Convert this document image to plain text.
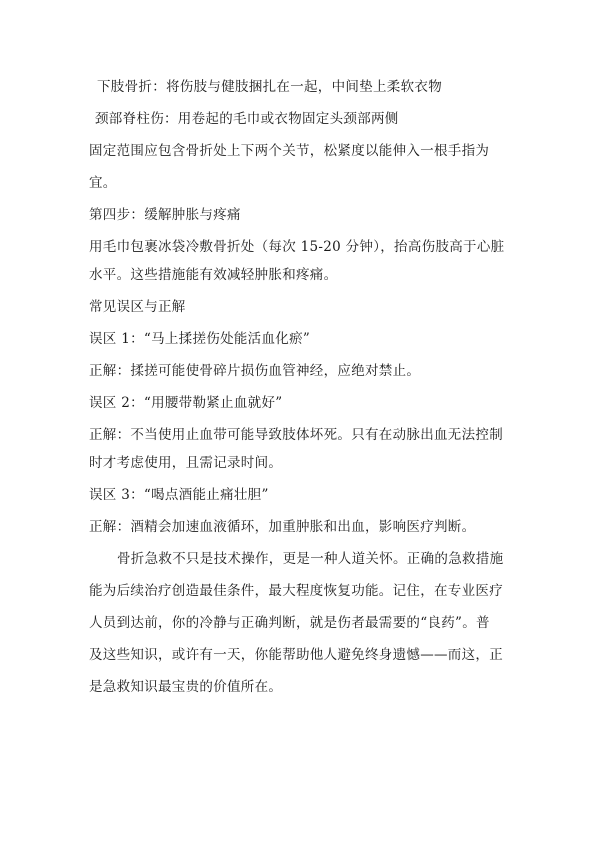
下肢骨折：将伤肢与健肢捆扎在一起，中间垫上柔软衣物
颈部脊柱伤：用卷起的毛巾或衣物固定头颈部两侧
固定范围应包含骨折处上下两个关节，松紧度以能伸入一根手指为
宜。
第四步：缓解肿胀与疼痛
用毛巾包裹冰袋冷敷骨折处（每次 15-20 分钟），抬高伤肢高于心脏
水平。这些措施能有效减轻肿胀和疼痛。
常见误区与正解
误区 1：“马上揉搓伤处能活血化瘀”
正解：揉搓可能使骨碎片损伤血管神经，应绝对禁止。
误区 2：“用腰带勒紧止血就好”
正解：不当使用止血带可能导致肢体坏死。只有在动脉出血无法控制
时才考虑使用，且需记录时间。
误区 3：“喝点酒能止痛壮胆”
正解：酒精会加速血液循环，加重肿胀和出血，影响医疗判断。
骨折急救不只是技术操作，更是一种人道关怀。正确的急救措施
能为后续治疗创造最佳条件，最大程度恢复功能。记住，在专业医疗
人员到达前，你的冷静与正确判断，就是伤者最需要的“良药”。普
及这些知识，或许有一天，你能帮助他人避免终身遗憾——而这，正
是急救知识最宝贵的价值所在。
